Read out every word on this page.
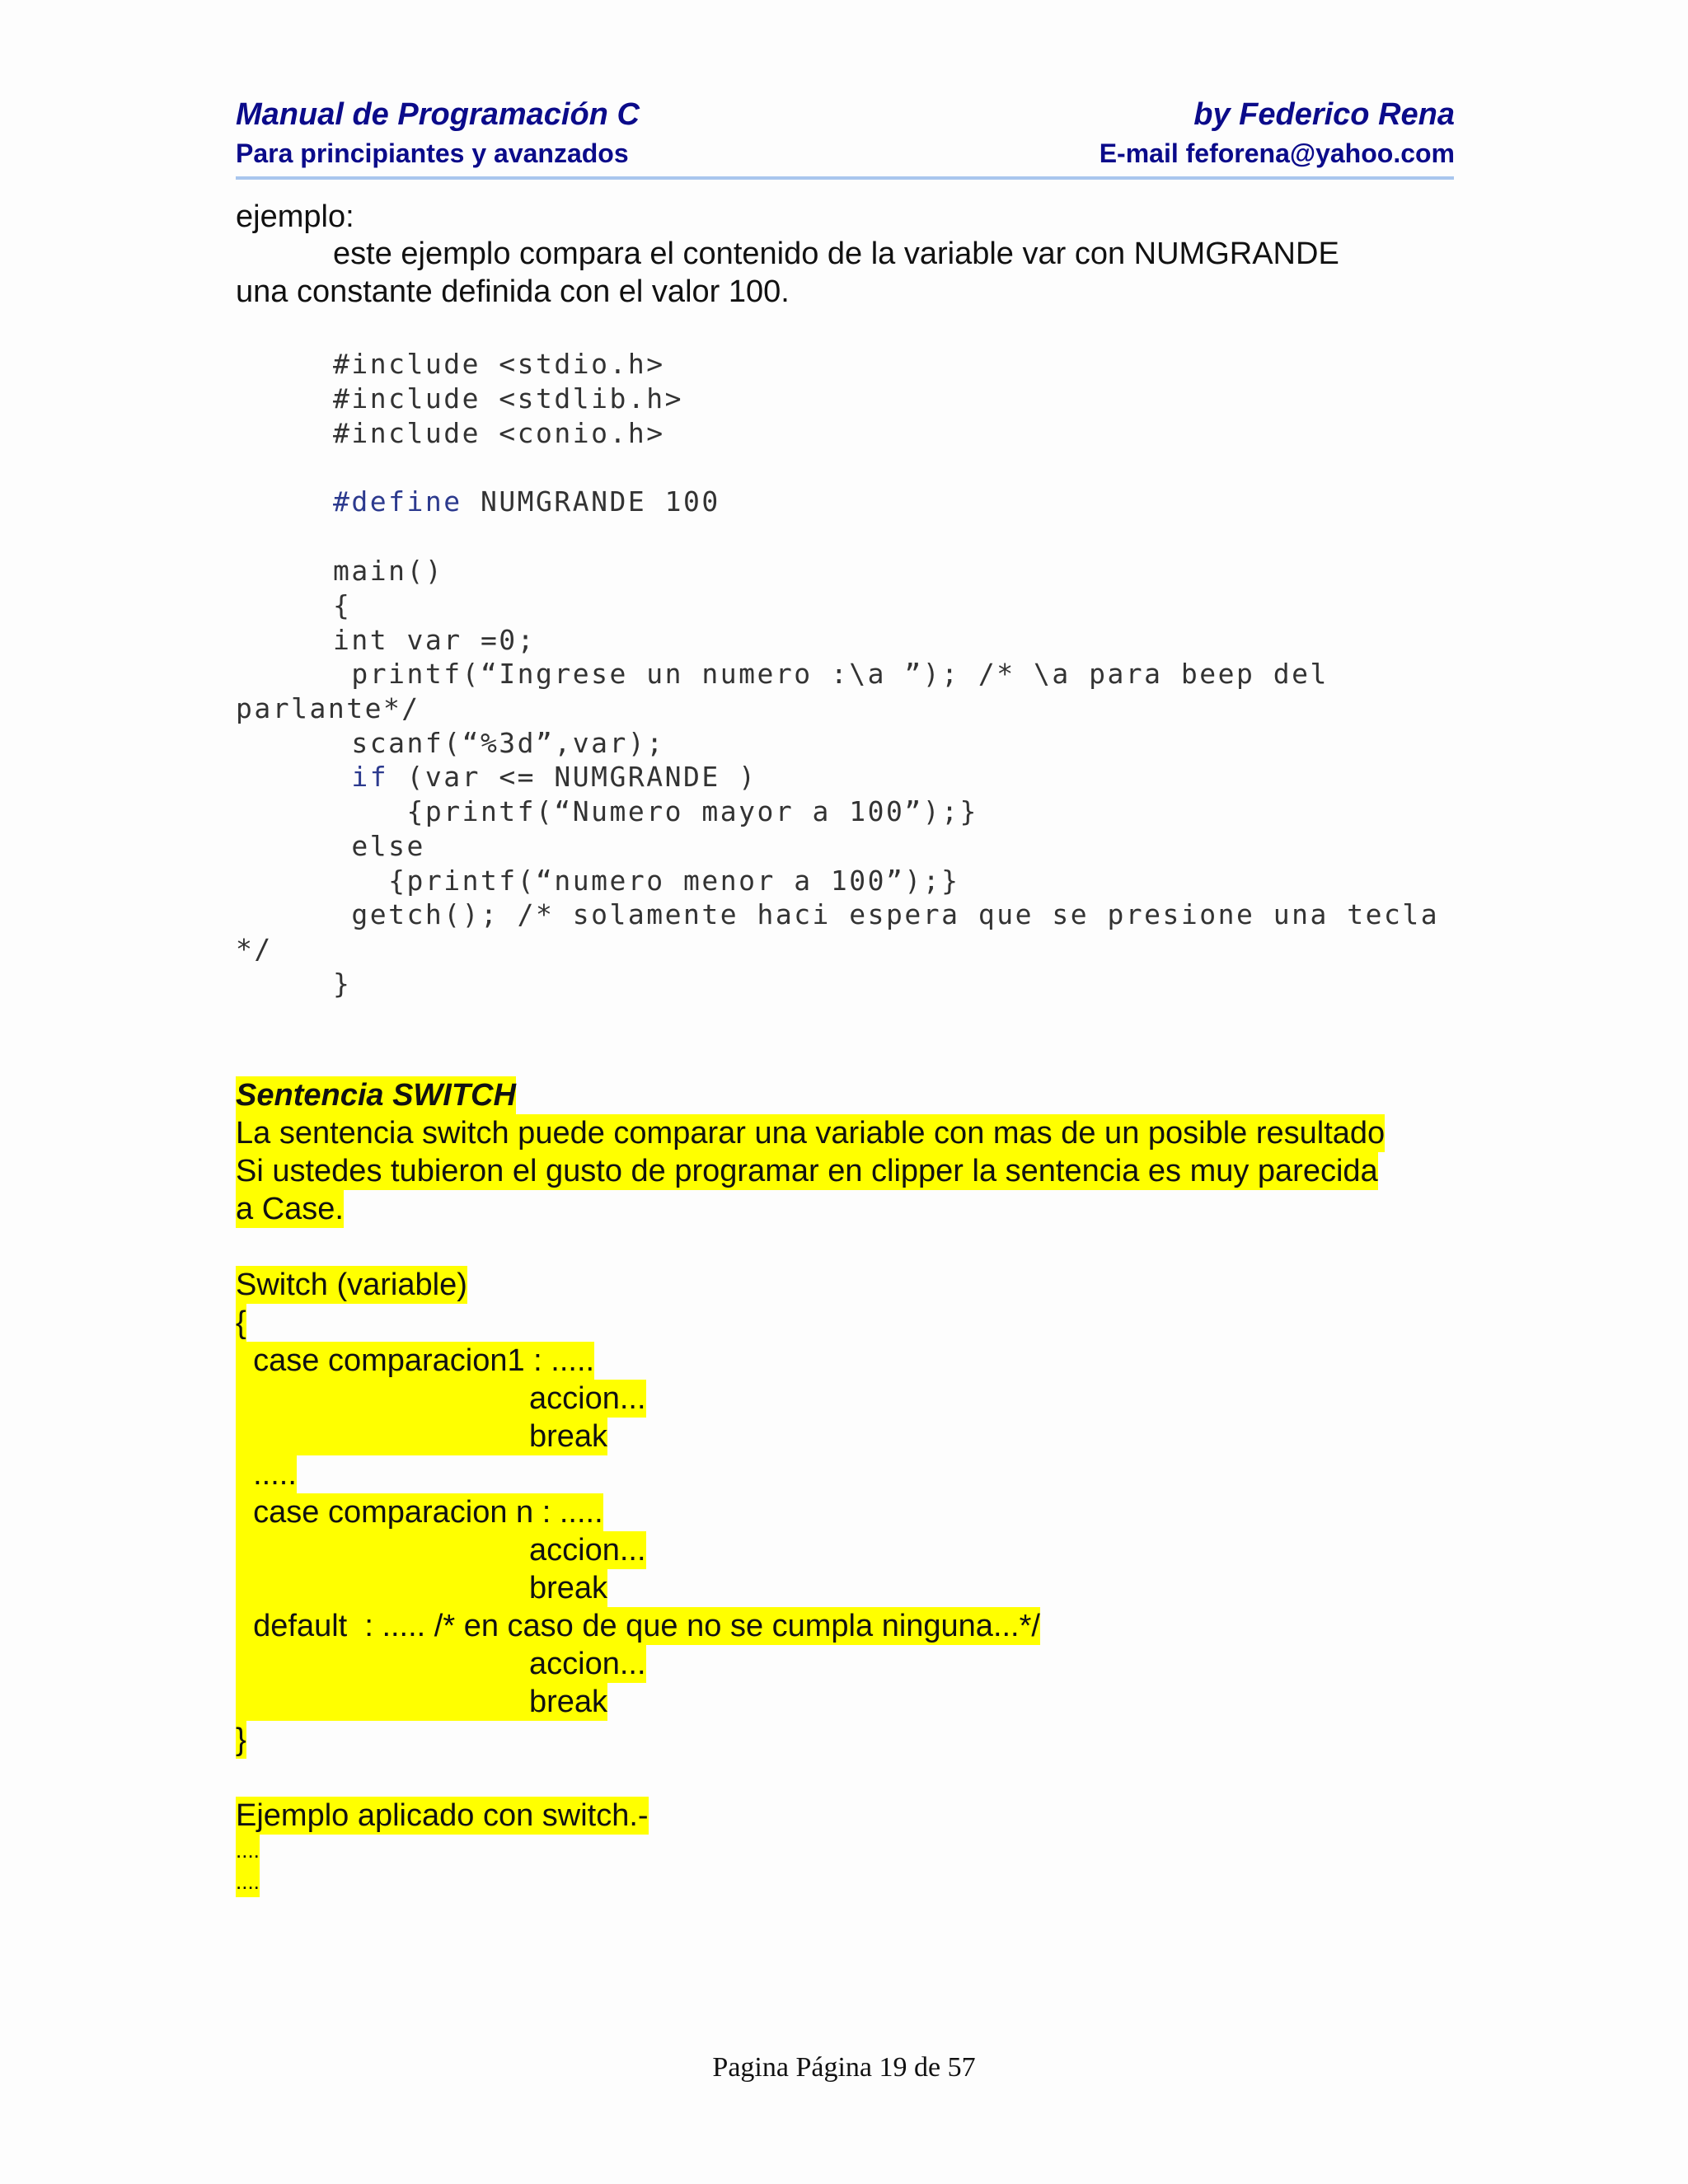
Manual de Programación C
Para principiantes y avanzados
by Federico Rena
E-mail feforena@yahoo.com
ejemplo:
este ejemplo compara el contenido de la variable var con NUMGRANDE
una constante definida con el valor 100.
#include <stdio.h>
#include <stdlib.h>
#include <conio.h>
#define NUMGRANDE 100
main()
{
int var =0;
printf(“Ingrese un numero :\a ”); /* \a para beep del
parlante*/
scanf(“%3d”,var);
if (var <= NUMGRANDE )
{printf(“Numero mayor a 100”);}
else
{printf(“numero menor a 100”);}
getch(); /* solamente haci espera que se presione una tecla
*/
}
Sentencia SWITCH
La sentencia switch puede comparar una variable con mas de un posible resultado
Si ustedes tubieron el gusto de programar en clipper la sentencia es muy parecida
a Case.
Switch (variable)
{
case comparacion1 : .....
accion...
break
.....
case comparacion n : .....
accion...
break
default  : ..... /* en caso de que no se cumpla ninguna...*/
accion...
break
}
Ejemplo aplicado con switch.-
....
....
Pagina Página 19 de 57
